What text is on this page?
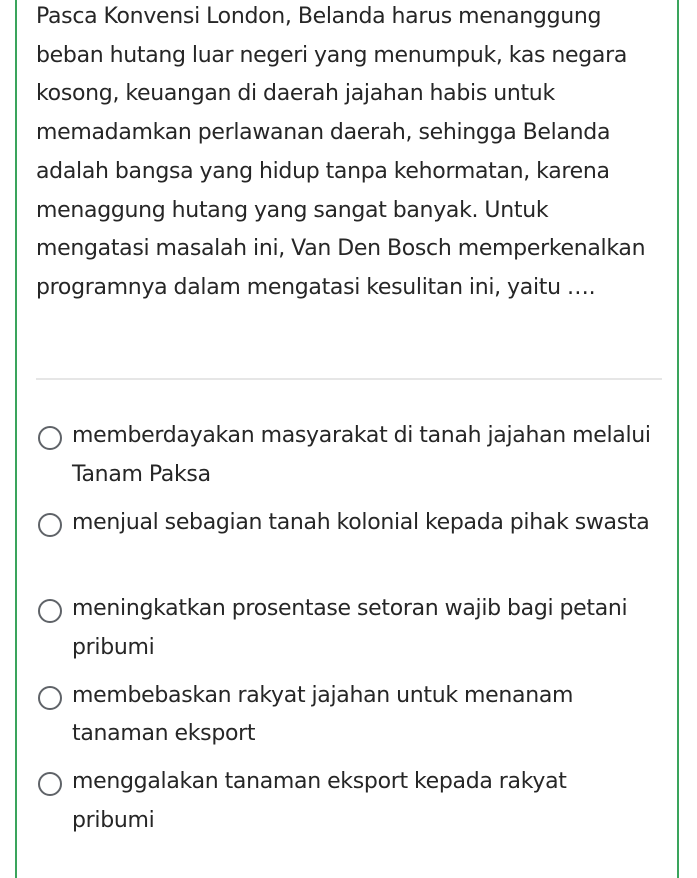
Pasca Konvensi London, Belanda harus menanggung beban hutang luar negeri yang menumpuk, kas negara kosong, keuangan di daerah jajahan habis untuk memadamkan perlawanan daerah, sehingga Belanda adalah bangsa yang hidup tanpa kehormatan, karena menaggung hutang yang sangat banyak. Untuk mengatasi masalah ini, Van Den Bosch memperkenalkan programnya dalam mengatasi kesulitan ini, yaitu ….

memberdayakan masyarakat di tanah jajahan melalui Tanam Paksa
menjual sebagian tanah kolonial kepada pihak swasta
meningkatkan prosentase setoran wajib bagi petani pribumi
membebaskan rakyat jajahan untuk menanam tanaman eksport
menggalakan tanaman eksport kepada rakyat pribumi
